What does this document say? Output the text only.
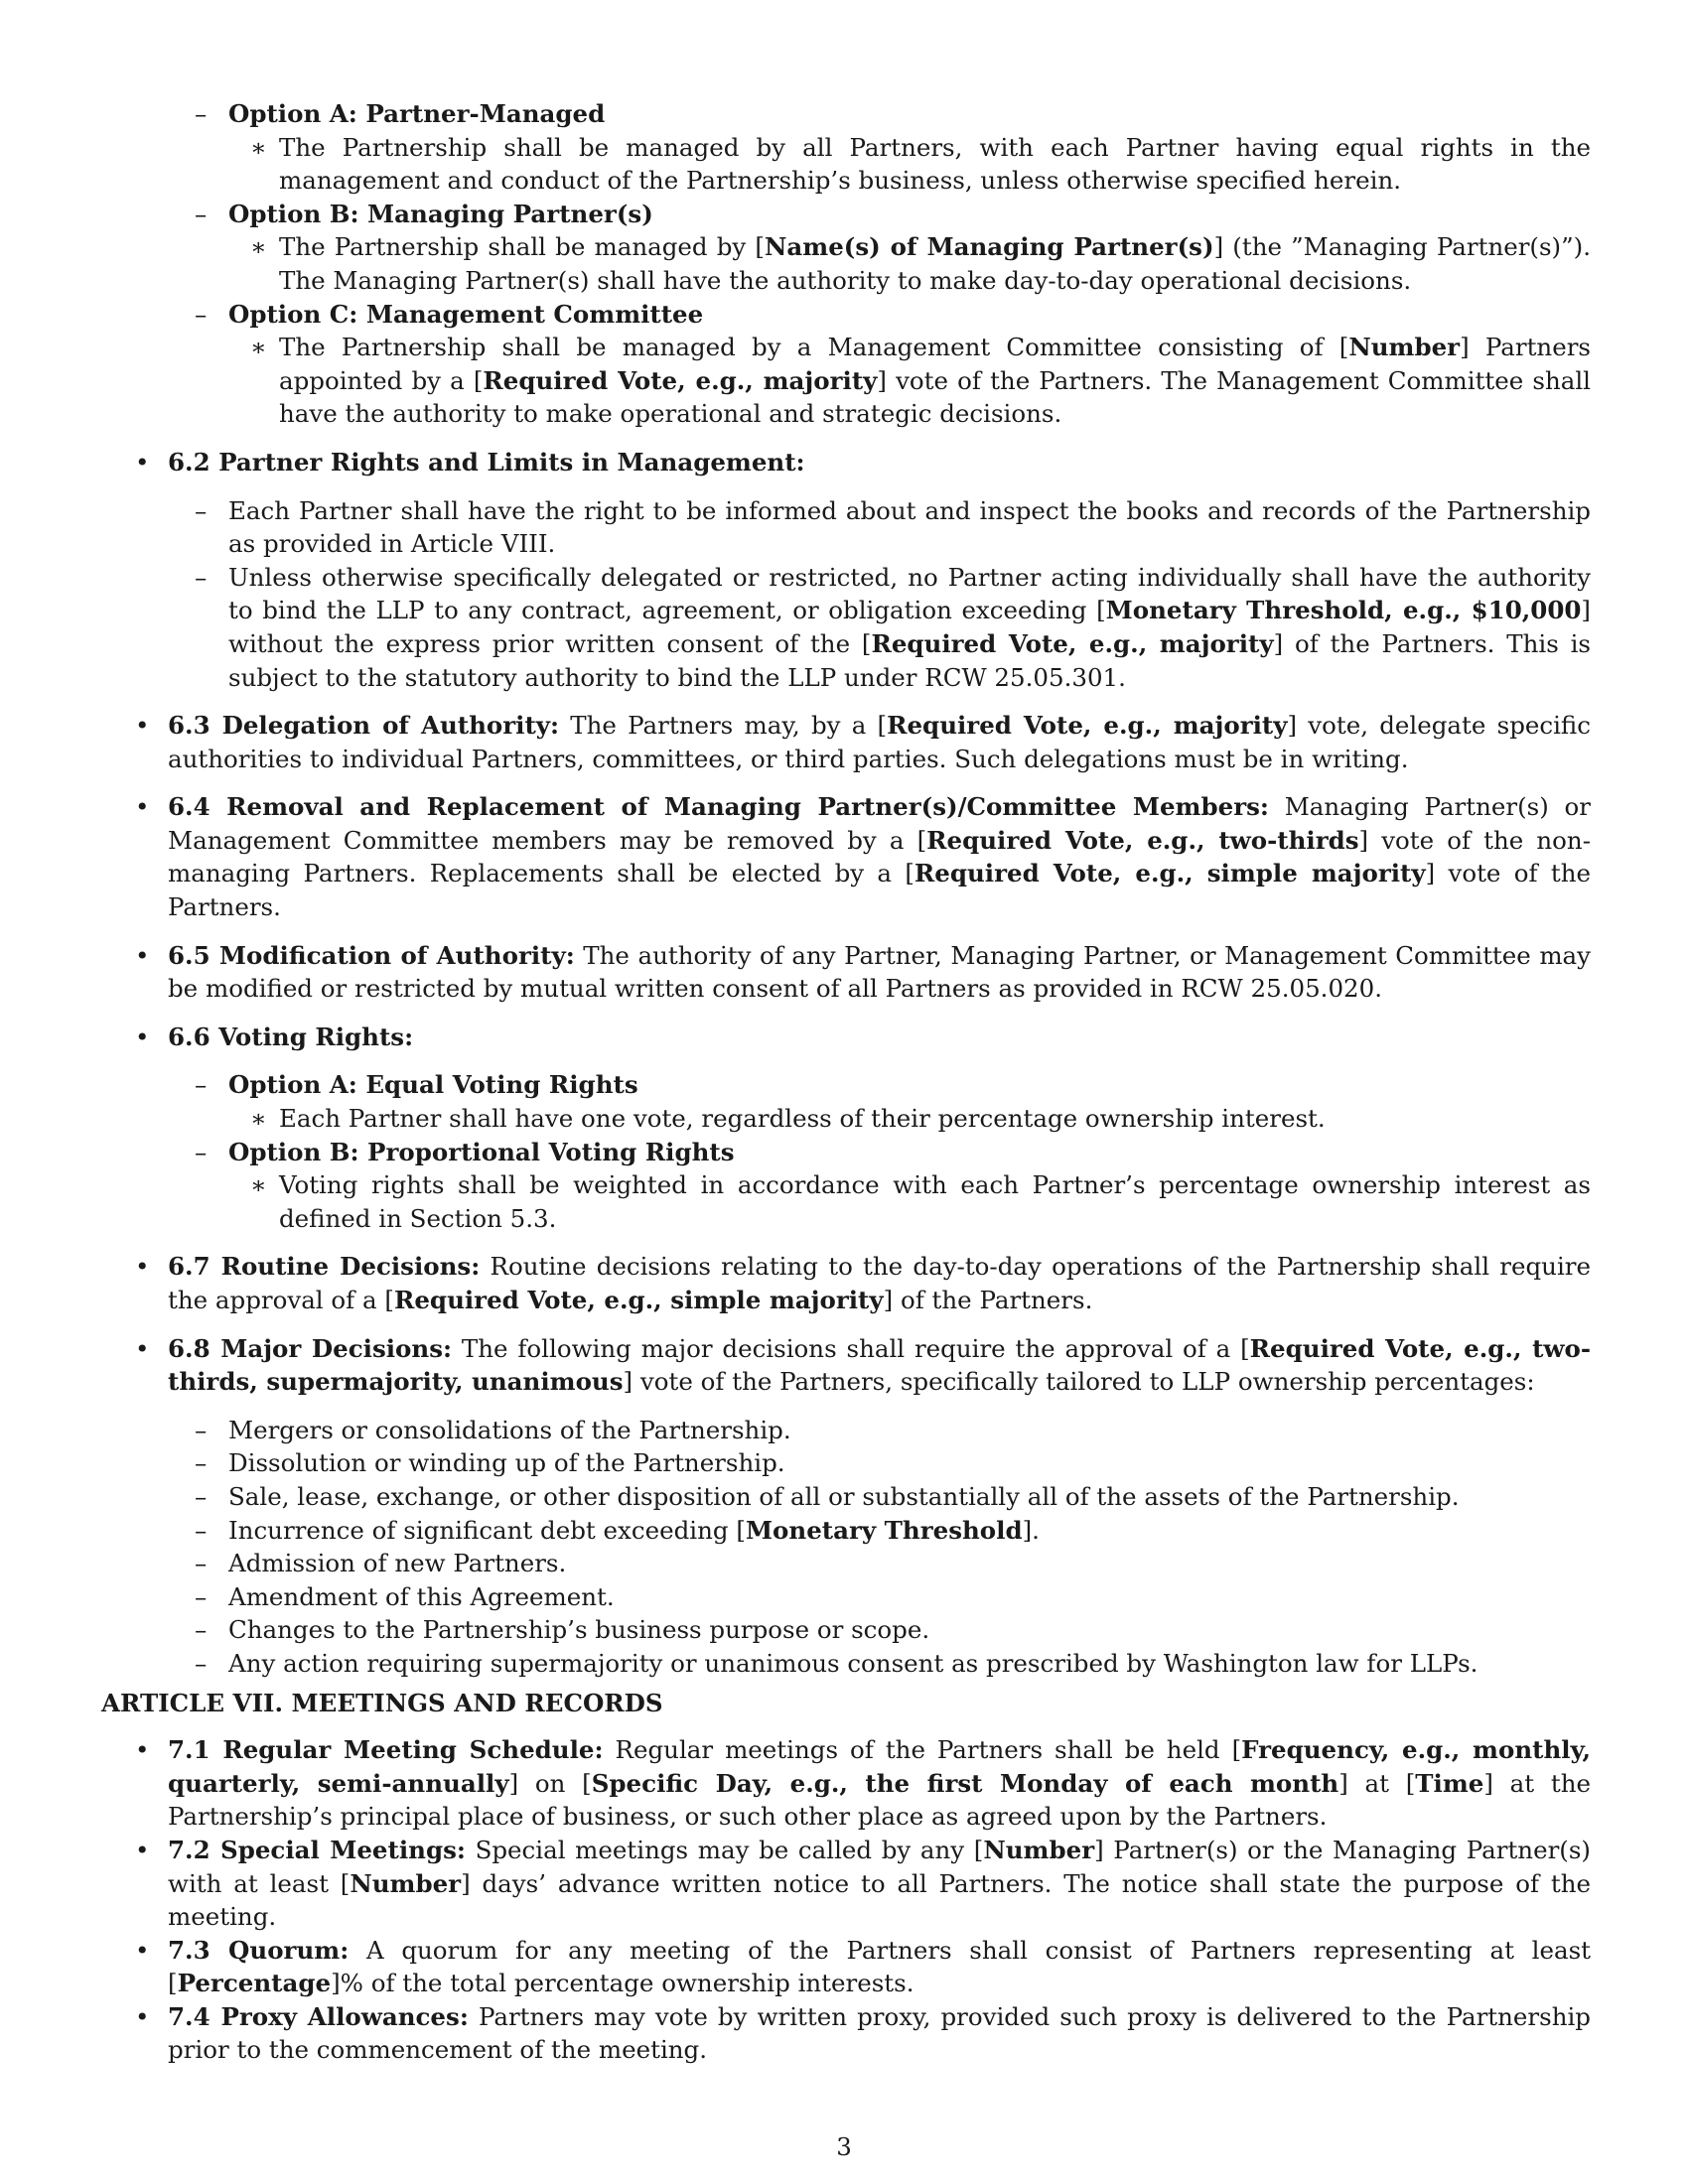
– Option A: Partner-Managed
∗ The Partnership shall be managed by all Partners, with each Partner having equal rights in the management and conduct of the Partnership’s business, unless otherwise specified herein.
– Option B: Managing Partner(s)
∗ The Partnership shall be managed by [Name(s) of Managing Partner(s)] (the ”Managing Partner(s)”). The Managing Partner(s) shall have the authority to make day-to-day operational decisions.
– Option C: Management Committee
∗ The Partnership shall be managed by a Management Committee consisting of [Number] Partners appointed by a [Required Vote, e.g., majority] vote of the Partners. The Management Committee shall have the authority to make operational and strategic decisions.
• 6.2 Partner Rights and Limits in Management:
– Each Partner shall have the right to be informed about and inspect the books and records of the Partnership as provided in Article VIII.
– Unless otherwise specifically delegated or restricted, no Partner acting individually shall have the authority to bind the LLP to any contract, agreement, or obligation exceeding [Monetary Threshold, e.g., $10,000] without the express prior written consent of the [Required Vote, e.g., majority] of the Partners. This is subject to the statutory authority to bind the LLP under RCW 25.05.301.
• 6.3 Delegation of Authority: The Partners may, by a [Required Vote, e.g., majority] vote, delegate specific authorities to individual Partners, committees, or third parties. Such delegations must be in writing.
• 6.4 Removal and Replacement of Managing Partner(s)/Committee Members: Managing Partner(s) or Management Committee members may be removed by a [Required Vote, e.g., two-thirds] vote of the non-managing Partners. Replacements shall be elected by a [Required Vote, e.g., simple majority] vote of the Partners.
• 6.5 Modification of Authority: The authority of any Partner, Managing Partner, or Management Committee may be modified or restricted by mutual written consent of all Partners as provided in RCW 25.05.020.
• 6.6 Voting Rights:
– Option A: Equal Voting Rights
∗ Each Partner shall have one vote, regardless of their percentage ownership interest.
– Option B: Proportional Voting Rights
∗ Voting rights shall be weighted in accordance with each Partner’s percentage ownership interest as defined in Section 5.3.
• 6.7 Routine Decisions: Routine decisions relating to the day-to-day operations of the Partnership shall require the approval of a [Required Vote, e.g., simple majority] of the Partners.
• 6.8 Major Decisions: The following major decisions shall require the approval of a [Required Vote, e.g., two-thirds, supermajority, unanimous] vote of the Partners, specifically tailored to LLP ownership percentages:
– Mergers or consolidations of the Partnership.
– Dissolution or winding up of the Partnership.
– Sale, lease, exchange, or other disposition of all or substantially all of the assets of the Partnership.
– Incurrence of significant debt exceeding [Monetary Threshold].
– Admission of new Partners.
– Amendment of this Agreement.
– Changes to the Partnership’s business purpose or scope.
– Any action requiring supermajority or unanimous consent as prescribed by Washington law for LLPs.
ARTICLE VII. MEETINGS AND RECORDS
• 7.1 Regular Meeting Schedule: Regular meetings of the Partners shall be held [Frequency, e.g., monthly, quarterly, semi-annually] on [Specific Day, e.g., the first Monday of each month] at [Time] at the Partnership’s principal place of business, or such other place as agreed upon by the Partners.
• 7.2 Special Meetings: Special meetings may be called by any [Number] Partner(s) or the Managing Partner(s) with at least [Number] days’ advance written notice to all Partners. The notice shall state the purpose of the meeting.
• 7.3 Quorum: A quorum for any meeting of the Partners shall consist of Partners representing at least [Percentage]% of the total percentage ownership interests.
• 7.4 Proxy Allowances: Partners may vote by written proxy, provided such proxy is delivered to the Partnership prior to the commencement of the meeting.
3
